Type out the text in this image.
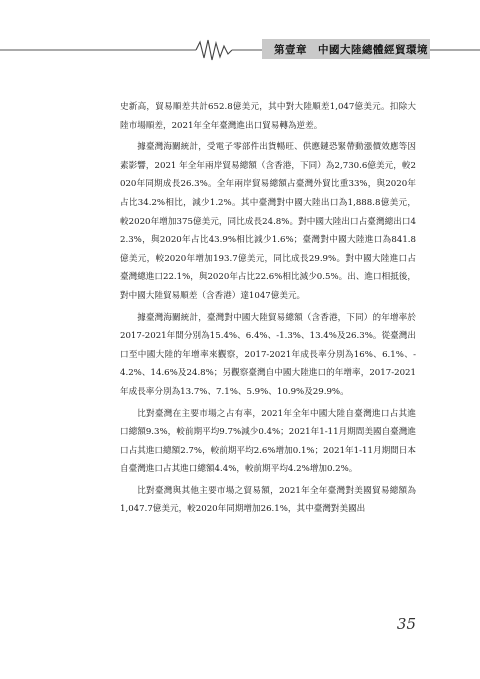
第壹章　中國大陸總體經貿環境

史新高，貿易順差共計652.8億美元，其中對大陸順差1,047億美元。扣除大陸市場順差，2021年全年臺灣進出口貿易轉為逆差。

據臺灣海關統計，受電子零部件出貨暢旺、供應鏈恐緊帶動漲價效應等因素影響，2021 年全年兩岸貿易總額（含香港，下同）為2,730.6億美元，較2020年同期成長26.3%。全年兩岸貿易總額占臺灣外貿比重33%，與2020年占比34.2%相比，減少1.2%。其中臺灣對中國大陸出口為1,888.8億美元，較2020年增加375億美元，同比成長24.8%。對中國大陸出口占臺灣總出口42.3%，與2020年占比43.9%相比減少1.6%；臺灣對中國大陸進口為841.8億美元，較2020年增加193.7億美元，同比成長29.9%。對中國大陸進口占臺灣總進口22.1%，與2020年占比22.6%相比減少0.5%。出、進口相抵後，對中國大陸貿易順差（含香港）達1047億美元。

據臺灣海關統計，臺灣對中國大陸貿易總額（含香港，下同）的年增率於2017-2021年間分別為15.4%、6.4%、-1.3%、13.4%及26.3%。從臺灣出口至中國大陸的年增率來觀察，2017-2021年成長率分別為16%、6.1%、-4.2%、14.6%及24.8%；另觀察臺灣自中國大陸進口的年增率，2017-2021年成長率分別為13.7%、7.1%、5.9%、10.9%及29.9%。

比對臺灣在主要市場之占有率，2021年全年中國大陸自臺灣進口占其進口總額9.3%，較前期平均9.7%減少0.4%；2021年1-11月期間美國自臺灣進口占其進口總額2.7%，較前期平均2.6%增加0.1%；2021年1-11月期間日本自臺灣進口占其進口總額4.4%，較前期平均4.2%增加0.2%。

比對臺灣與其他主要市場之貿易額，2021年全年臺灣對美國貿易總額為1,047.7億美元，較2020年同期增加26.1%，其中臺灣對美國出

35
